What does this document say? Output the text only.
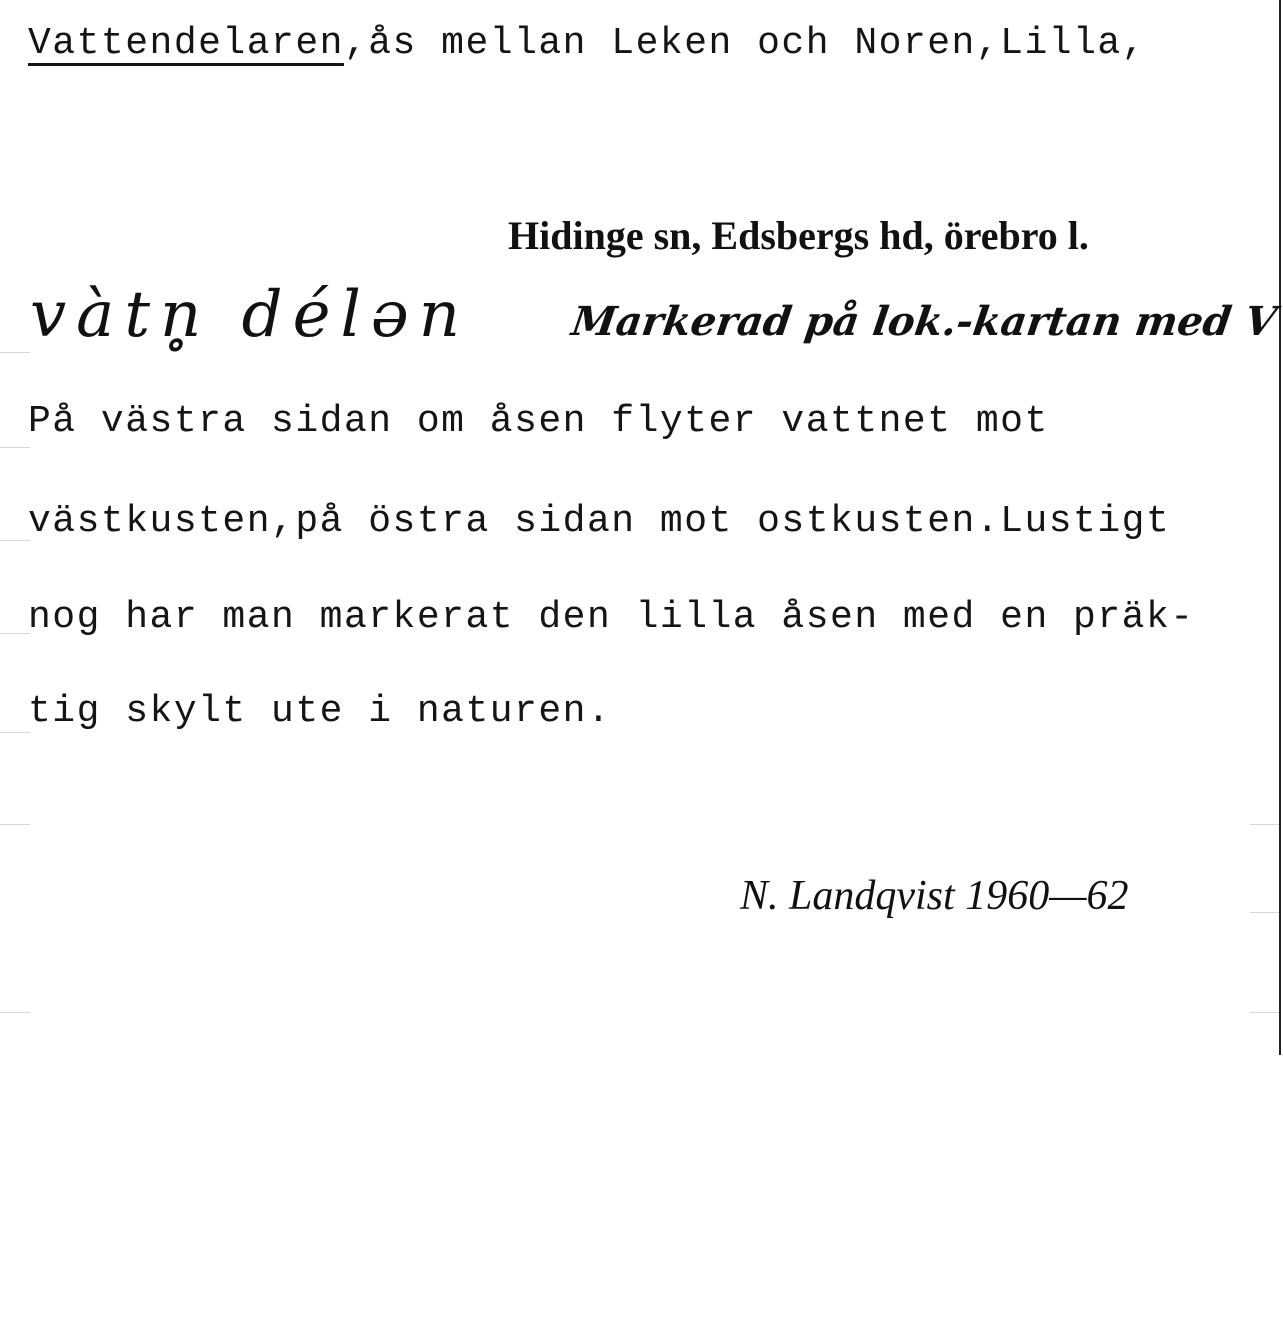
Vattendelaren,ås mellan Leken och Noren,Lilla,
Hidinge sn, Edsbergs hd, örebro l.
vàtn̥ délən Markerad på lok.-kartan med V
På västra sidan om åsen flyter vattnet mot
västkusten,på östra sidan mot ostkusten.Lustigt
nog har man markerat den lilla åsen med en präk-
tig skylt ute i naturen.
N. Landqvist 1960—62
